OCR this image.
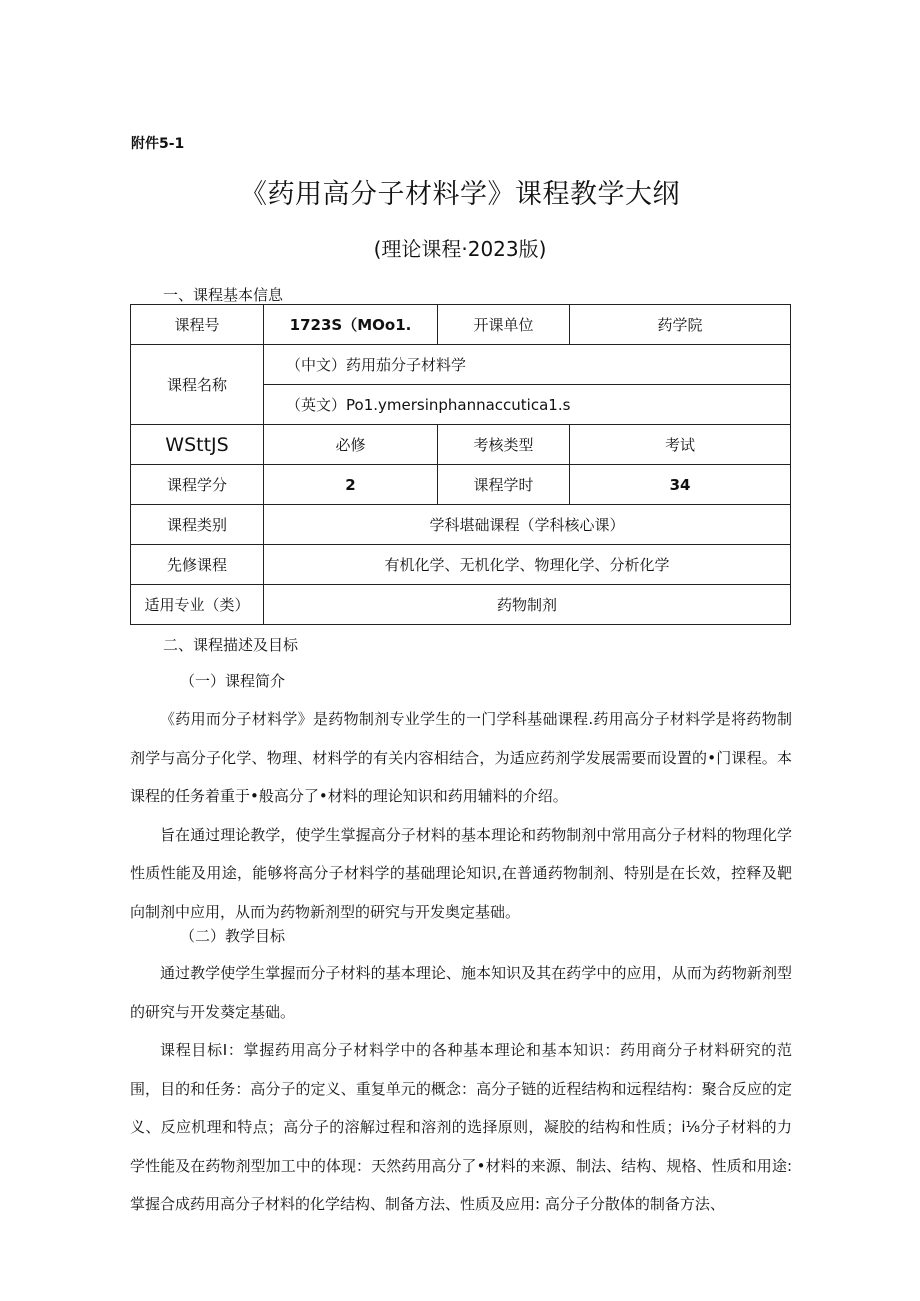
附件5-1
《药用高分子材料学》课程教学大纲
(理论课程·2023版)
一、课程基本信息
课程号	1723S（MOo1.	开课单位	药学院
课程名称	（中文）药用茄分子材料学		
	（英文）Po1.ymersinphannaccutica1.s		
WSttJS	必修	考核类型	考试
课程学分	2	课程学时	34
课程类别	学科堪础课程（学科核心课）		
先修课程	有机化学、无机化学、物理化学、分析化学		
适用专业（类）	药物制剂		
二、课程描述及目标
（一）课程简介

《药用而分子材料学》是药物制剂专业学生的一门学科基础课程.药用高分子材料学是将药物制剂学与高分子化学、物理、材料学的有关内容相结合，为适应药剂学发展需要而设置的•门课程。本课程的任务着重于•般高分了•材料的理论知识和药用辅料的介绍。

旨在通过理论教学，使学生掌握高分子材料的基本理论和药物制剂中常用高分子材料的物理化学性质性能及用途，能够将高分子材料学的基础理论知识,在普通药物制剂、特别是在长效，控释及靶向制剂中应用，从而为药物新剂型的研究与开发奥定基础。

（二）教学目标

通过教学使学生掌握而分子材料的基本理论、施本知识及其在药学中的应用，从而为药物新剂型的研究与开发葵定基础。

课程目标I：掌握药用高分子材料学中的各种基本理论和基本知识：药用商分子材料研究的范围，目的和任务：高分子的定义、重复单元的概念：高分子链的近程结构和远程结构：聚合反应的定义、反应机理和特点；高分子的溶解过程和溶剂的选择原则，凝胶的结构和性质；i⅛分子材料的力学性能及在药物剂型加工中的体现：天然药用高分了•材料的来源、制法、结构、规格、性质和用途: 掌握合成药用高分子材料的化学结构、制备方法、性质及应用: 高分子分散体的制备方法、
